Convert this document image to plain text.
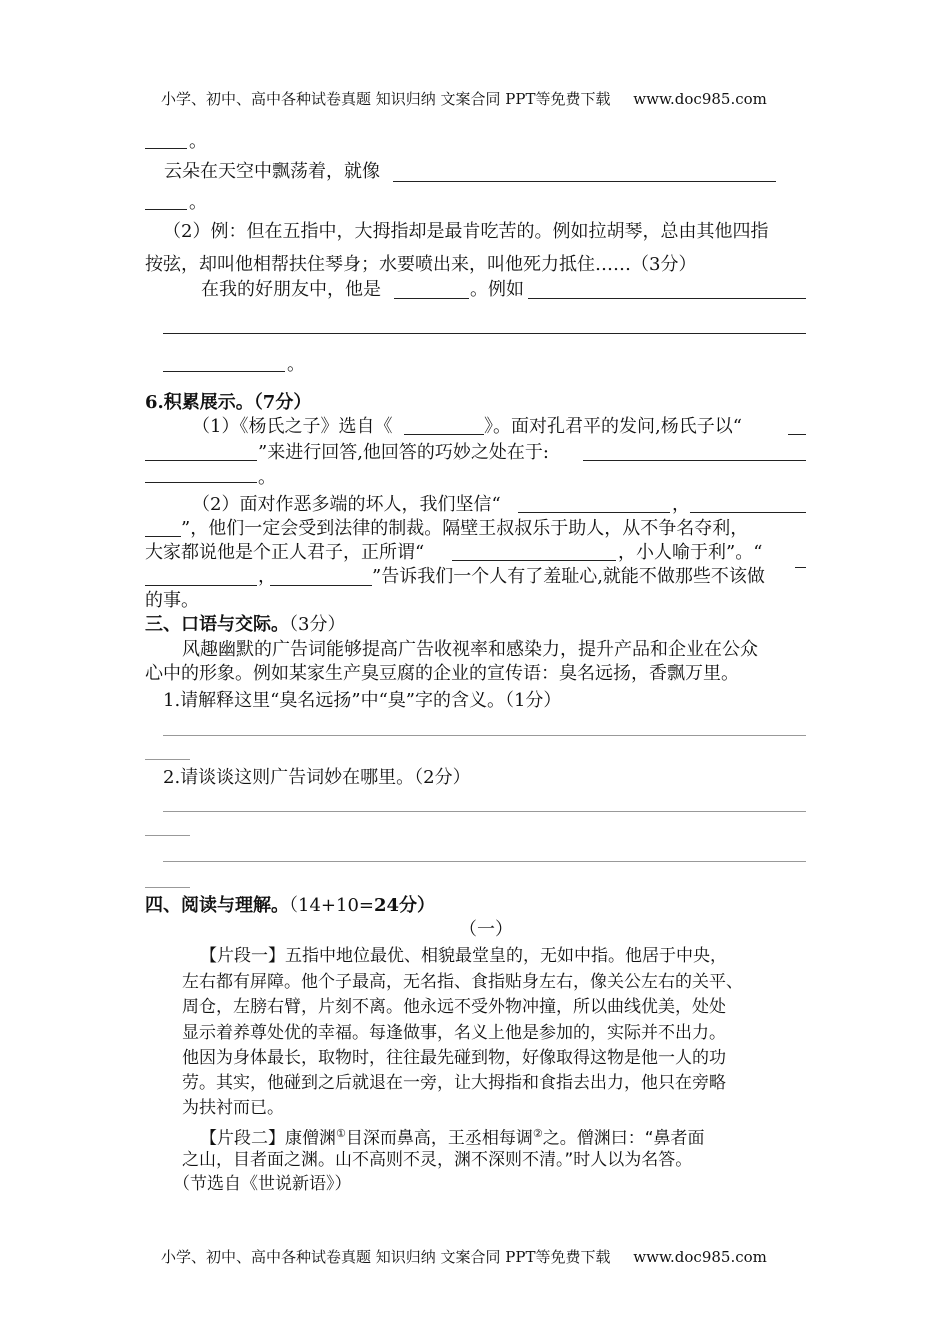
小学、初中、高中各种试卷真题 知识归纳 文案合同 PPT等免费下载 www.doc985.com
。
云朵在天空中飘荡着，就像
。
（2）例：但在五指中，大拇指却是最肯吃苦的。例如拉胡琴，总由其他四指
按弦，却叫他相帮扶住琴身；水要喷出来，叫他死力抵住……（3分）
在我的好朋友中，他是	。例如
。
6.积累展示。（7分）
（1）《杨氏之子》选自《	》。面对孔君平的发问,杨氏子以“
”来进行回答,他回答的巧妙之处在于:
。
（2）面对作恶多端的坏人，我们坚信“	，
”，他们一定会受到法律的制裁。隔壁王叔叔乐于助人，从不争名夺利，
大家都说他是个正人君子，正所谓“	，小人喻于利”。“
，	”告诉我们一个人有了羞耻心,就能不做那些不该做
的事。
三、口语与交际。（3分）
风趣幽默的广告词能够提高广告收视率和感染力，提升产品和企业在公众
心中的形象。例如某家生产臭豆腐的企业的宣传语：臭名远扬，香飘万里。
1.请解释这里“臭名远扬”中“臭”字的含义。（1分）
2.请谈谈这则广告词妙在哪里。（2分）
四、阅读与理解。（14+10=24分）
（一）
【片段一】五指中地位最优、相貌最堂皇的，无如中指。他居于中央，
左右都有屏障。他个子最高，无名指、食指贴身左右，像关公左右的关平、
周仓，左膀右臂，片刻不离。他永远不受外物冲撞，所以曲线优美，处处
显示着养尊处优的幸福。每逢做事，名义上他是参加的，实际并不出力。
他因为身体最长，取物时，往往最先碰到物，好像取得这物是他一人的功
劳。其实，他碰到之后就退在一旁，让大拇指和食指去出力，他只在旁略
为扶衬而已。
【片段二】康僧渊①目深而鼻高，王丞相每调②之。僧渊曰：“鼻者面
之山，目者面之渊。山不高则不灵，渊不深则不清。”时人以为名答。
（节选自《世说新语》）
小学、初中、高中各种试卷真题 知识归纳 文案合同 PPT等免费下载 www.doc985.com
